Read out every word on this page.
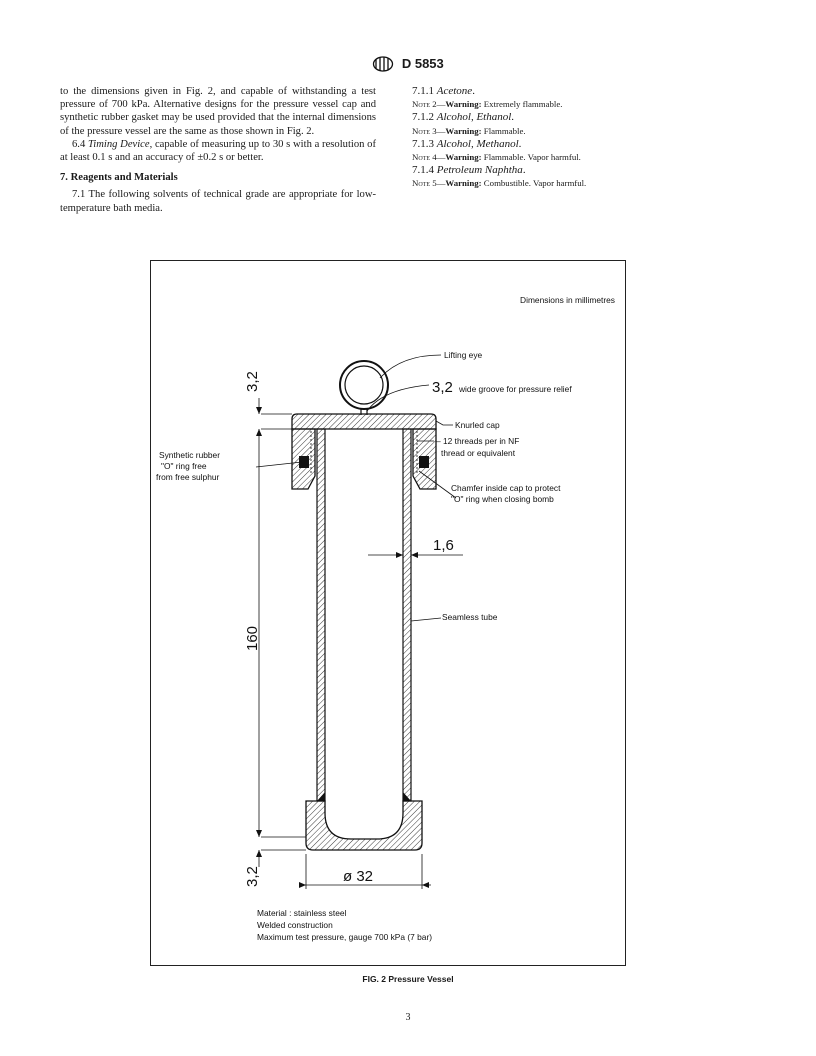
D 5853

to the dimensions given in Fig. 2, and capable of withstanding a test pressure of 700 kPa. Alternative designs for the pressure vessel cap and synthetic rubber gasket may be used provided that the internal dimensions of the pressure vessel are the same as those shown in Fig. 2.

6.4 Timing Device, capable of measuring up to 30 s with a resolution of at least 0.1 s and an accuracy of ±0.2 s or better.

7. Reagents and Materials

7.1 The following solvents of technical grade are appropriate for low-temperature bath media.

7.1.1 Acetone.

Note 2—Warning: Extremely flammable.

7.1.2 Alcohol, Ethanol.

Note 3—Warning: Flammable.

7.1.3 Alcohol, Methanol.

Note 4—Warning: Flammable. Vapor harmful.

7.1.4 Petroleum Naphtha.

Note 5—Warning: Combustible. Vapor harmful.

Dimensions in millimetres
Lifting eye
3,2 wide groove for pressure relief
Knurled cap
– 12 threads per in NF
thread or equivalent
Chamfer inside cap to protect
"O" ring when closing bomb
Synthetic rubber
"O" ring free
from free sulphur
1,6
Seamless tube
3,2
160
3,2	ø 32
Material : stainless steel
Welded construction
Maximum test pressure, gauge 700 kPa (7 bar)
FIG. 2 Pressure Vessel
3
